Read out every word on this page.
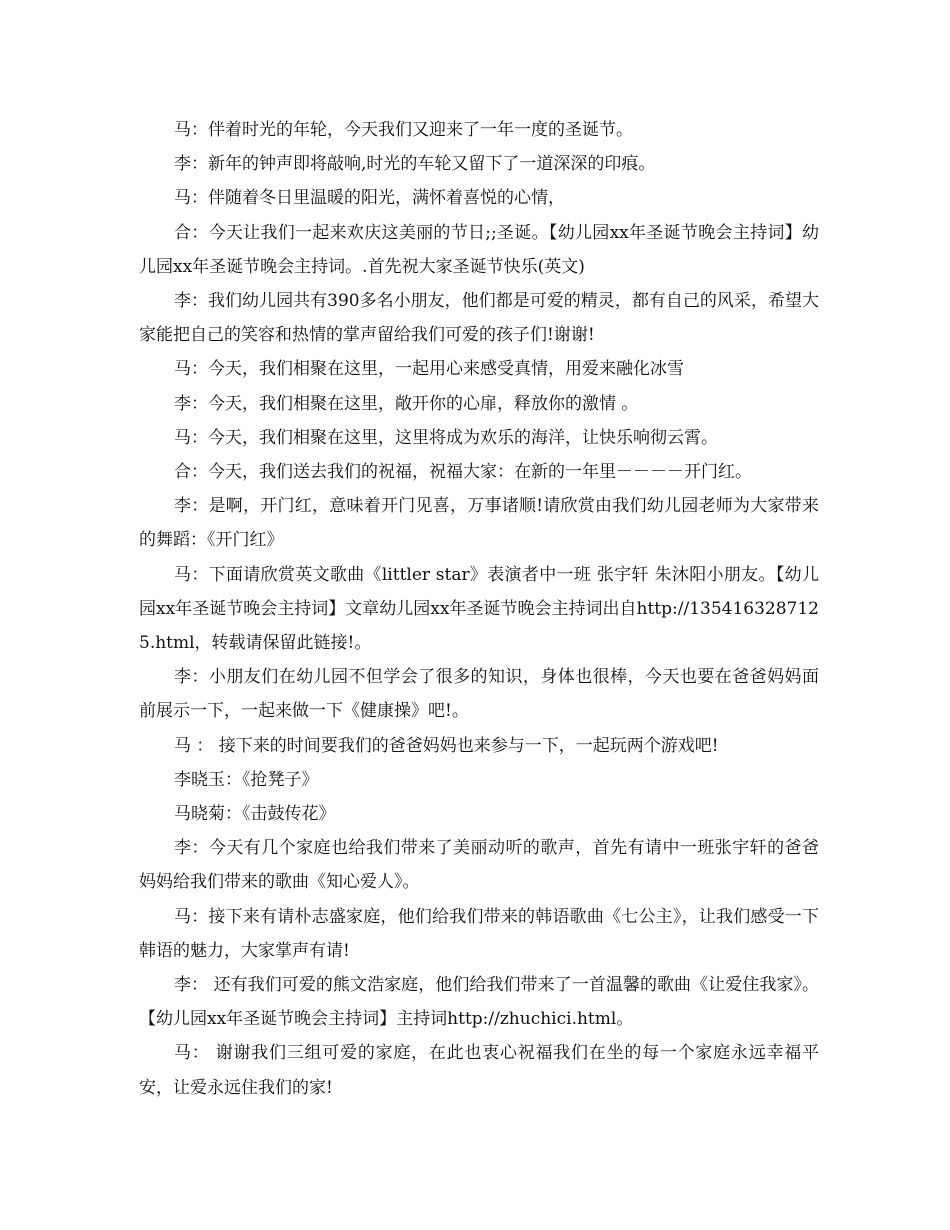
马：伴着时光的年轮，今天我们又迎来了一年一度的圣诞节。

李：新年的钟声即将敲响,时光的车轮又留下了一道深深的印痕。

马：伴随着冬日里温暖的阳光，满怀着喜悦的心情，

合：今天让我们一起来欢庆这美丽的节日;;圣诞。【幼儿园xx年圣诞节晚会主持词】幼儿园xx年圣诞节晚会主持词。.首先祝大家圣诞节快乐(英文)

李：我们幼儿园共有390多名小朋友，他们都是可爱的精灵，都有自己的风采，希望大家能把自己的笑容和热情的掌声留给我们可爱的孩子们!谢谢!

马：今天，我们相聚在这里，一起用心来感受真情，用爱来融化冰雪

李：今天，我们相聚在这里，敞开你的心扉，释放你的激情 。

马：今天，我们相聚在这里，这里将成为欢乐的海洋，让快乐响彻云霄。

合：今天，我们送去我们的祝福，祝福大家：在新的一年里－－－－开门红。

李：是啊，开门红，意味着开门见喜，万事诸顺!请欣赏由我们幼儿园老师为大家带来的舞蹈：《开门红》

马：下面请欣赏英文歌曲《littler star》表演者中一班 张宇轩 朱沐阳小朋友。【幼儿园xx年圣诞节晚会主持词】文章幼儿园xx年圣诞节晚会主持词出自http://1354163287125.html，转载请保留此链接!。

李：小朋友们在幼儿园不但学会了很多的知识，身体也很棒，今天也要在爸爸妈妈面前展示一下，一起来做一下《健康操》吧!。

马 ： 接下来的时间要我们的爸爸妈妈也来参与一下，一起玩两个游戏吧!

李晓玉：《抢凳子》

马晓菊：《击鼓传花》

李：今天有几个家庭也给我们带来了美丽动听的歌声，首先有请中一班张宇轩的爸爸妈妈给我们带来的歌曲《知心爱人》。

马：接下来有请朴志盛家庭，他们给我们带来的韩语歌曲《七公主》，让我们感受一下韩语的魅力，大家掌声有请!

李： 还有我们可爱的熊文浩家庭，他们给我们带来了一首温馨的歌曲《让爱住我家》。【幼儿园xx年圣诞节晚会主持词】主持词http://zhuchici.html。

马： 谢谢我们三组可爱的家庭，在此也衷心祝福我们在坐的每一个家庭永远幸福平安，让爱永远住我们的家!
